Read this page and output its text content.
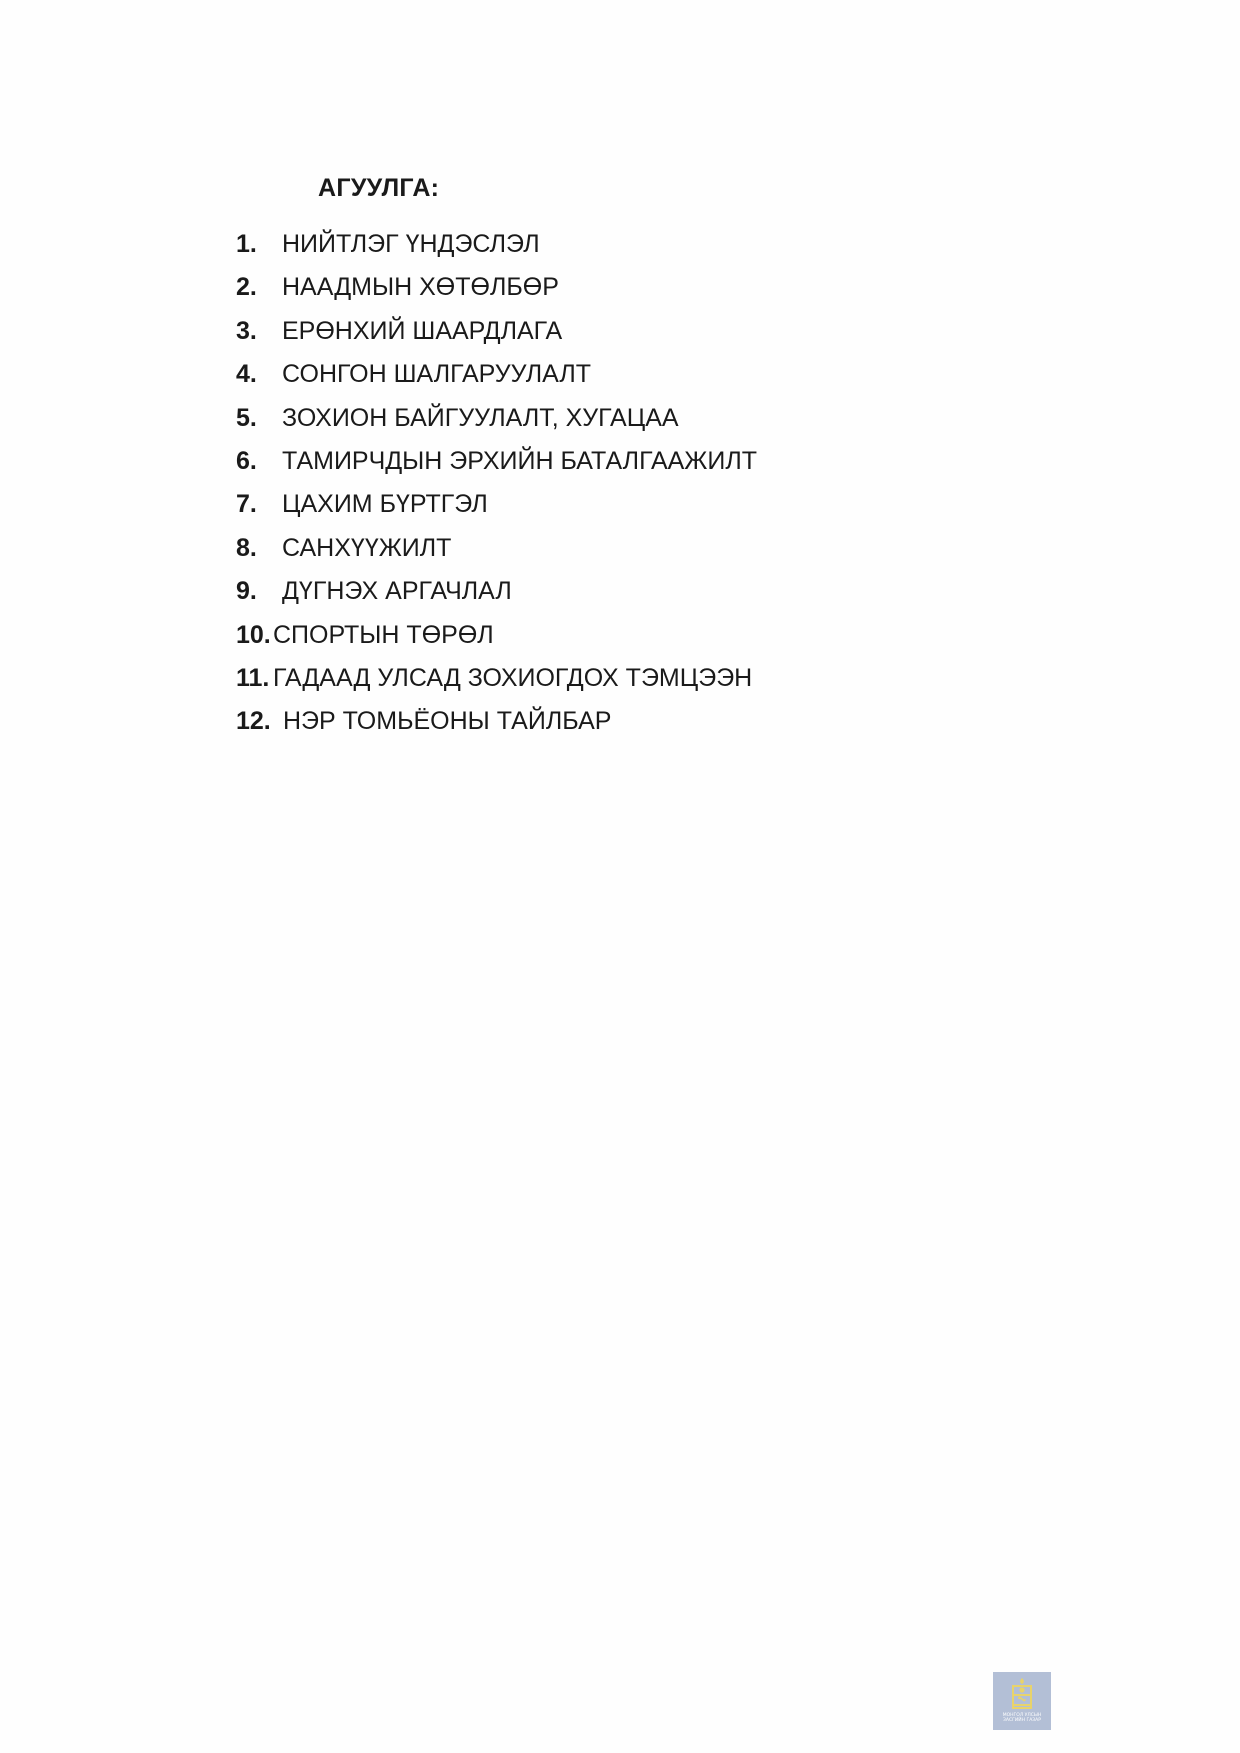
АГУУЛГА:
1.	НИЙТЛЭГ ҮНДЭСЛЭЛ
2.	НААДМЫН ХӨТӨЛБӨР
3.	ЕРӨНХИЙ ШААРДЛАГА
4.	СОНГОН ШАЛГАРУУЛАЛТ
5.	ЗОХИОН БАЙГУУЛАЛТ, ХУГАЦАА
6.	ТАМИРЧДЫН ЭРХИЙН БАТАЛГААЖИЛТ
7.	ЦАХИМ БҮРТГЭЛ
8.	САНХҮҮЖИЛТ
9.	ДҮГНЭХ АРГАЧЛАЛ
10. СПОРТЫН ТӨРӨЛ
11. ГАДААД УЛСАД ЗОХИОГДОХ ТЭМЦЭЭН
12. НЭР ТОМЬЁОНЫ ТАЙЛБАР
МОНГОЛ УЛСЫН
ЗАСГИЙН ГАЗАР
